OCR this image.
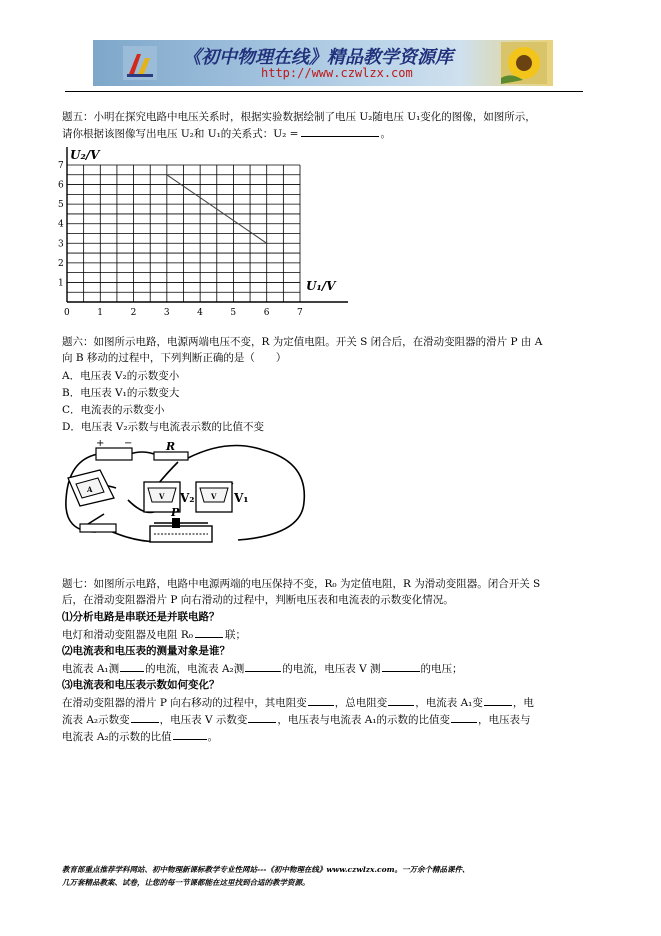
《初中物理在线》精品教学资源库
http://www.czwlzx.com
题五：小明在探究电路中电压关系时，根据实验数据绘制了电压 U₂随电压 U₁变化的图像，如图所示，
请你根据该图像写出电压 U₂和 U₁的关系式：U₂ =	。
0	1	2	3	4	5	6	7
1
2
3
4
5
6
7
U₂/V
U₁/V
题六：如图所示电路，电源两端电压不变，R 为定值电阻。开关 S 闭合后，在滑动变阻器的滑片 P 由 A
向 B 移动的过程中，下列判断正确的是（　　）
A．电压表 V₂的示数变小
B．电压表 V₁的示数变大
C．电流表的示数变小
D．电压表 V₂示数与电流表示数的比值不变
+ −	R
A
V V₂ V V₁
P
题七：如图所示电路，电路中电源两端的电压保持不变，R₀ 为定值电阻，R 为滑动变阻器。闭合开关 S
后，在滑动变阻器滑片 P 向右滑动的过程中，判断电压表和电流表的示数变化情况。
⑴分析电路是串联还是并联电路？
电灯和滑动变阻器及电阻 R₀	联；
⑵电流表和电压表的测量对象是谁？
电流表 A₁测 的电流，电流表 A₂测	的电流，电压表 V 测	的电压；
⑶电流表和电压表示数如何变化？
在滑动变阻器的滑片 P 向右移动的过程中，其电阻变	，总电阻变	，电流表 A₁变	，电
流表 A₂示数变	，电压表 V 示数变	，电压表与电流表 A₁的示数的比值变	，电压表与
电流表 A₂的示数的比值	。
教育部重点推荐学科网站、初中物理新课标教学专业性网站---《初中物理在线》www.czwlzx.com。一万余个精品课件、
几万套精品教案、试卷，让您的每一节课都能在这里找到合适的教学资源。
